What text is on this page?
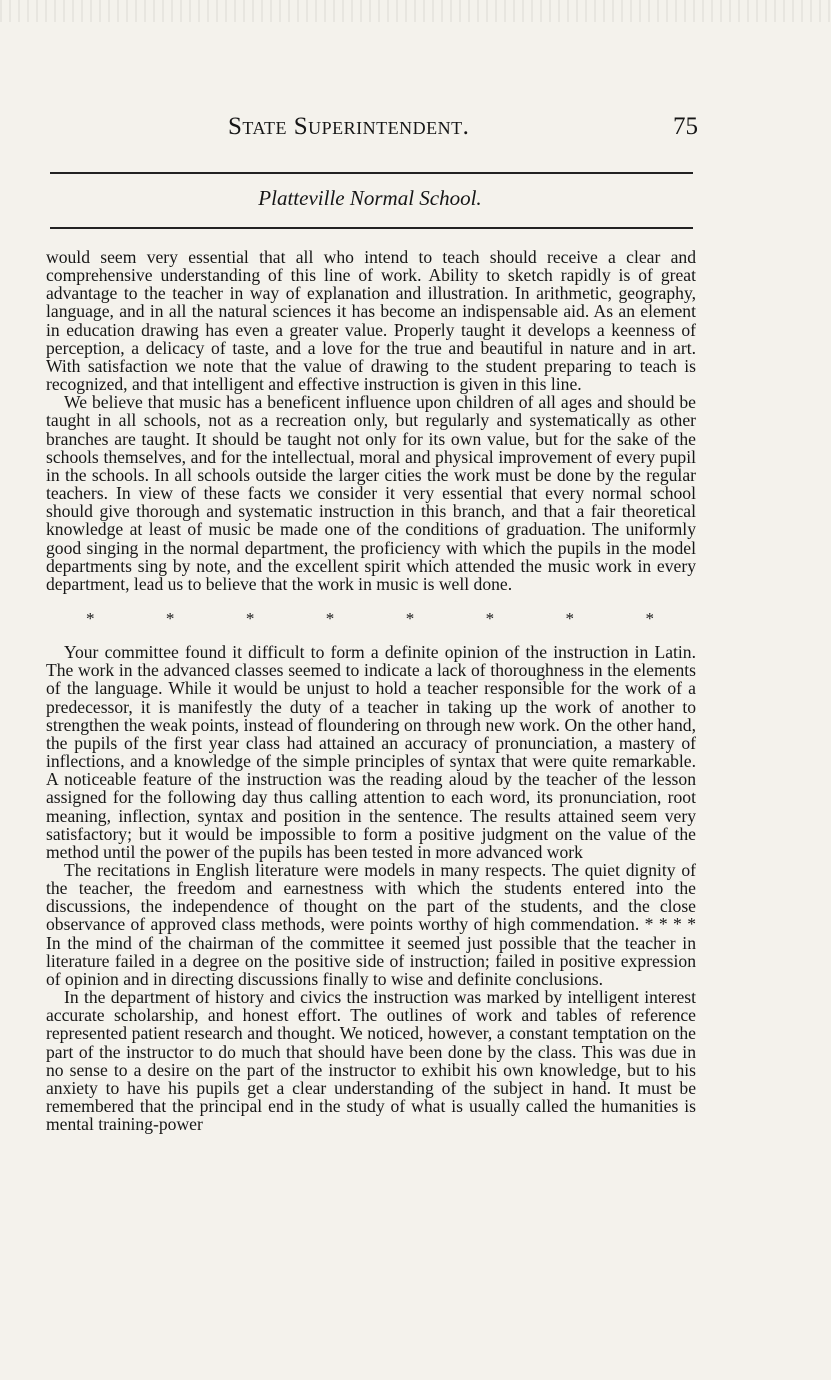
State Superintendent.	75
Platteville Normal School.

would seem very essential that all who intend to teach should receive a clear and comprehensive understanding of this line of work. Ability to sketch rapidly is of great advantage to the teacher in way of explanation and illustration. In arithmetic, geography, language, and in all the natural sciences it has become an indispensable aid. As an element in education drawing has even a greater value. Properly taught it develops a keenness of perception, a delicacy of taste, and a love for the true and beautiful in nature and in art. With satisfaction we note that the value of drawing to the student preparing to teach is recognized, and that intelligent and effective instruction is given in this line.

We believe that music has a beneficent influence upon children of all ages and should be taught in all schools, not as a recreation only, but regularly and systematically as other branches are taught. It should be taught not only for its own value, but for the sake of the schools themselves, and for the intellectual, moral and physical improvement of every pupil in the schools. In all schools outside the larger cities the work must be done by the regular teachers. In view of these facts we consider it very essential that every normal school should give thorough and systematic instruction in this branch, and that a fair theoretical knowledge at least of music be made one of the conditions of graduation. The uniformly good singing in the normal department, the proficiency with which the pupils in the model departments sing by note, and the excellent spirit which attended the music work in every department, lead us to believe that the work in music is well done.

*	*	*	*	*	*	*	*

Your committee found it difficult to form a definite opinion of the instruction in Latin. The work in the advanced classes seemed to indicate a lack of thoroughness in the elements of the language. While it would be unjust to hold a teacher responsible for the work of a predecessor, it is manifestly the duty of a teacher in taking up the work of another to strengthen the weak points, instead of floundering on through new work. On the other hand, the pupils of the first year class had attained an accuracy of pronunciation, a mastery of inflections, and a knowledge of the simple principles of syntax that were quite remarkable. A noticeable feature of the instruction was the reading aloud by the teacher of the lesson assigned for the following day thus calling attention to each word, its pronunciation, root meaning, inflection, syntax and position in the sentence. The results attained seem very satisfactory; but it would be impossible to form a positive judgment on the value of the method until the power of the pupils has been tested in more advanced work

The recitations in English literature were models in many respects. The quiet dignity of the teacher, the freedom and earnestness with which the students entered into the discussions, the independence of thought on the part of the students, and the close observance of approved class methods, were points worthy of high commendation. * * * * In the mind of the chairman of the committee it seemed just possible that the teacher in literature failed in a degree on the positive side of instruction; failed in positive expression of opinion and in directing discussions finally to wise and definite conclusions.

In the department of history and civics the instruction was marked by intelligent interest accurate scholarship, and honest effort. The outlines of work and tables of reference represented patient research and thought. We noticed, however, a constant temptation on the part of the instructor to do much that should have been done by the class. This was due in no sense to a desire on the part of the instructor to exhibit his own knowledge, but to his anxiety to have his pupils get a clear understanding of the subject in hand. It must be remembered that the principal end in the study of what is usually called the humanities is mental training-power
